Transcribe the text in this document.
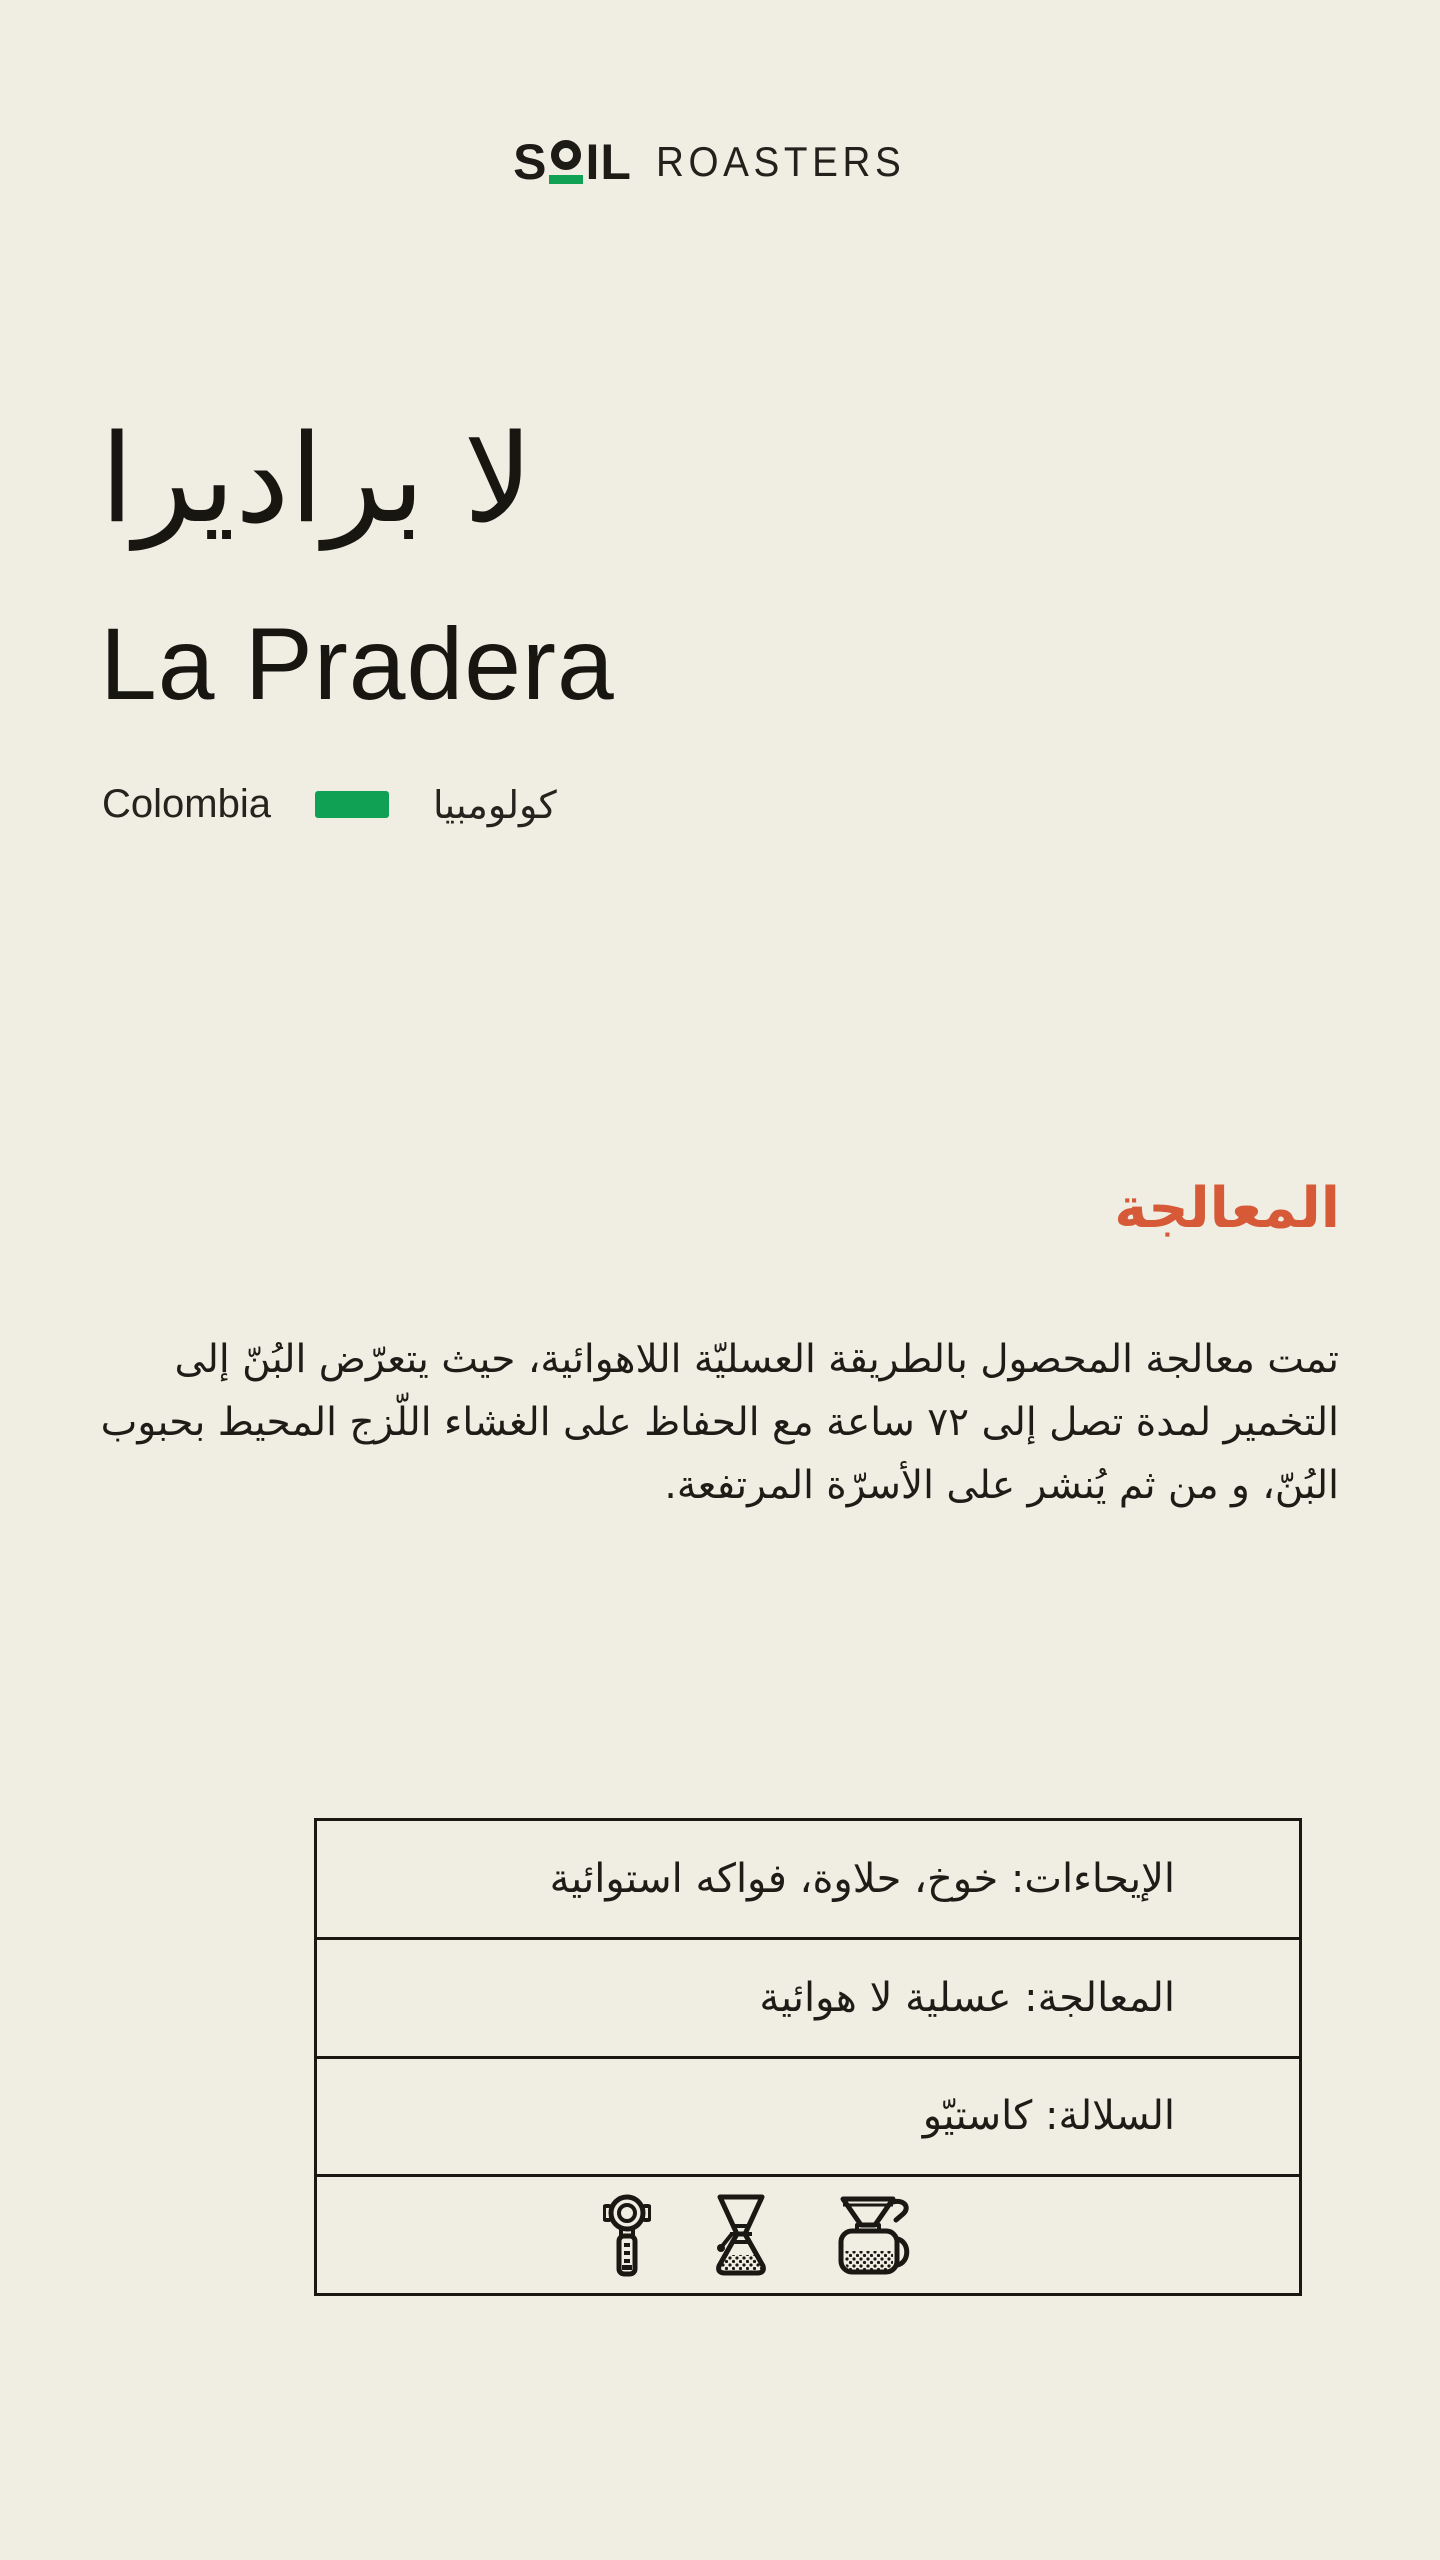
S IL ROASTERS
لا براديرا
La Pradera
Colombia	كولومبيا
المعالجة
تمت معالجة المحصول بالطريقة العسليّة اللاهوائية، حيث يتعرّض البُنّ إلى التخمير لمدة تصل إلى ٧٢ ساعة مع الحفاظ على الغشاء اللّزج المحيط بحبوب البُنّ، و من ثم يُنشر على الأسرّة المرتفعة.
الإيحاءات: خوخ، حلاوة، فواكه استوائية
المعالجة: عسلية لا هوائية
السلالة: كاستيّو
